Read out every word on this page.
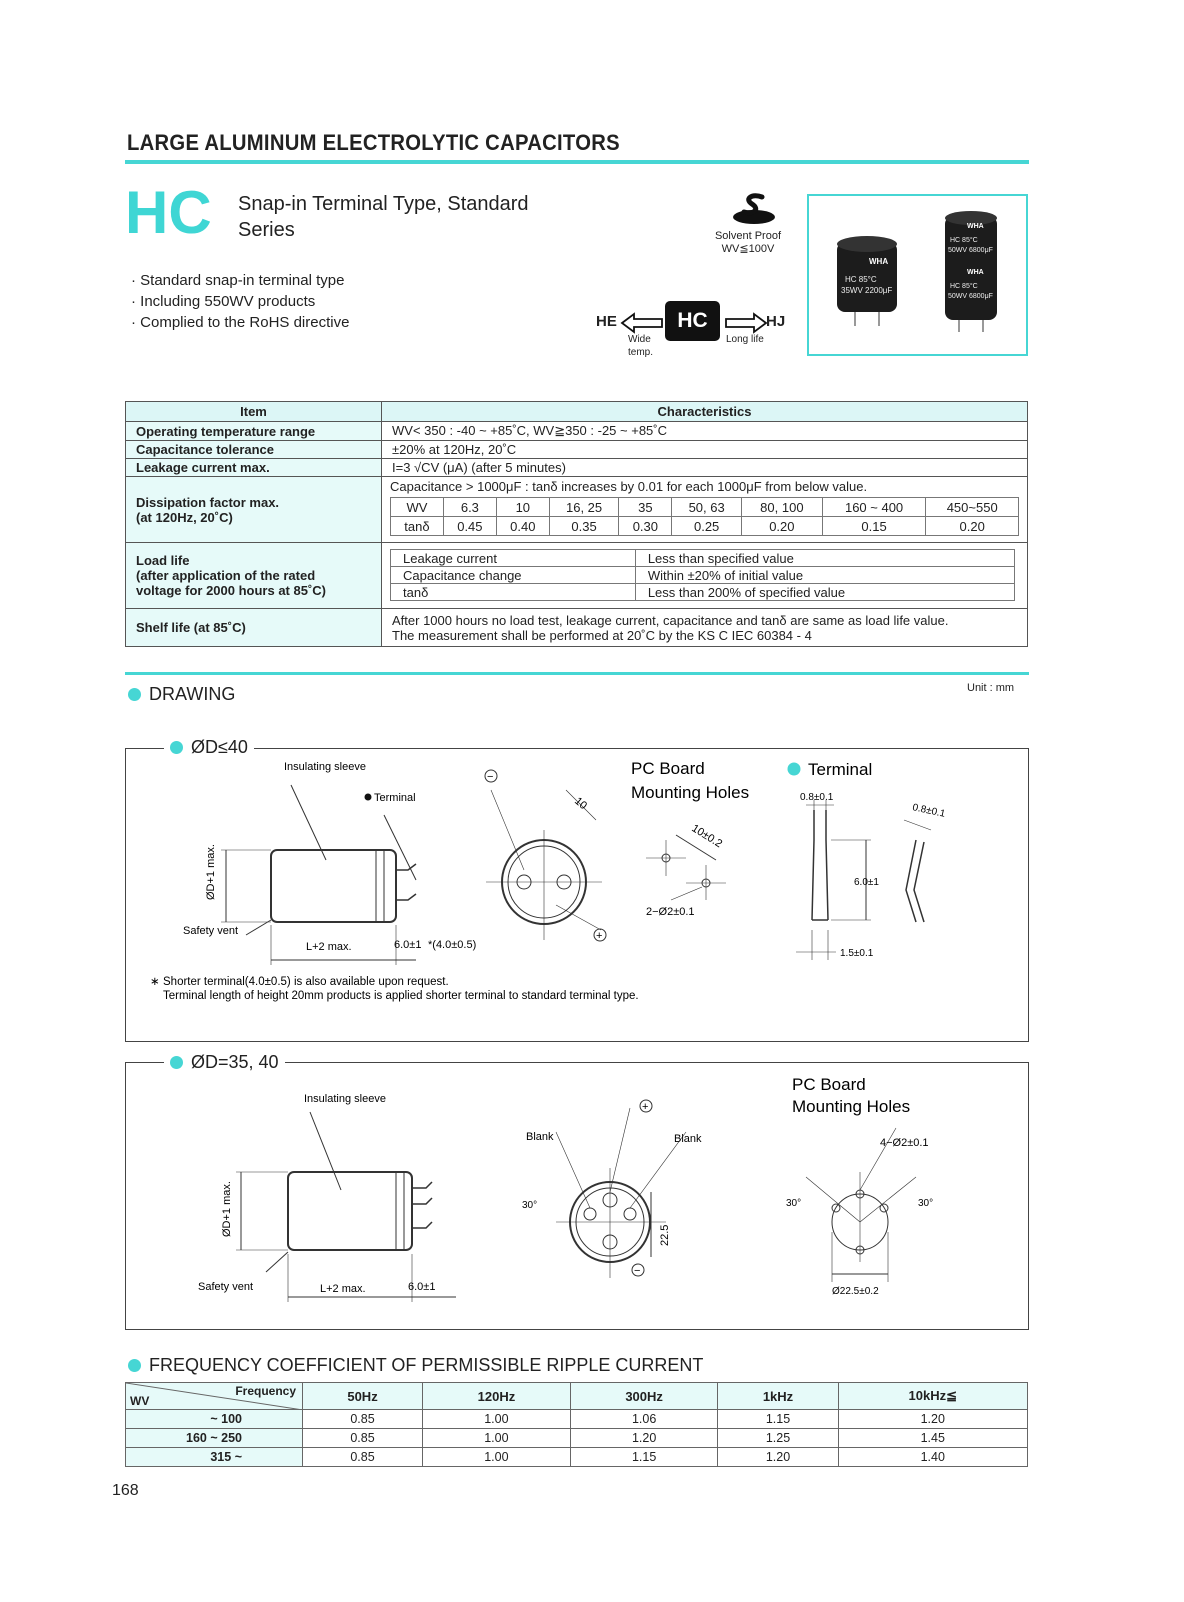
LARGE ALUMINUM ELECTROLYTIC CAPACITORS
HC Snap-in Terminal Type, Standard Series
· Standard snap-in terminal type
· Including 550WV products
· Complied to the RoHS directive
Solvent Proof
WV≦100V
HE	HC	HJ
Wide
temp.
Long life
WHA
HC 85°C
35WV 2200μF
WHA
HC 85°C
50WV 6800μF
WHA
HC 85°C
50WV 6800μF
Item	Characteristics
Operating temperature range	WV< 350 : -40 ~ +85˚C, WV≧350 : -25 ~ +85˚C
Capacitance tolerance	±20% at 120Hz, 20˚C
Leakage current max.	I=3 √CV (μA) (after 5 minutes)

Dissipation factor max.
(at 120Hz, 20˚C)

Capacitance > 1000μF : tanδ increases by 0.01 for each 1000μF from below value.
WV	6.3	10	16, 25	35	50, 63	80, 100	160 ~ 400	450~550
tanδ	0.45	0.40	0.35	0.30	0.25	0.20	0.15	0.20

Load life
(after application of the rated
voltage for 2000 hours at 85˚C)

Leakage current	Less than specified value
Capacitance change	Within ±20% of initial value
tanδ	Less than 200% of specified value

Shelf life (at 85˚C)	After 1000 hours no load test, leakage current, capacitance and tanδ are same as load life value.
The measurement shall be performed at 20˚C by the KS C IEC 60384 - 4
DRAWING	Unit : mm
ØD≤40
Insulating sleeve
Terminal
ØD+1 max.
Safety vent
L+2 max.	6.0±1 *(4.0±0.5)
−
+
10
PC Board
Mounting Holes
10±0.2
2−Ø2±0.1
Terminal
0.8±0.1
0.8±0.1
6.0±1
1.5±0.1
∗ Shorter terminal(4.0±0.5) is also available upon request.
Terminal length of height 20mm products is applied shorter terminal to standard terminal type.
ØD=35, 40
Insulating sleeve
ØD+1 max.
Safety vent	L+2 max.	6.0±1
Blank	Blank
30°
22.5
+
−
PC Board
Mounting Holes
4−Ø2±0.1
30°	30°
Ø22.5±0.2
FREQUENCY COEFFICIENT OF PERMISSIBLE RIPPLE CURRENT
Frequency
WV	50Hz	120Hz	300Hz	1kHz	10kHz≦
~ 100	0.85	1.00	1.06	1.15	1.20
160 ~ 250	0.85	1.00	1.20	1.25	1.45
315 ~	0.85	1.00	1.15	1.20	1.40
168
